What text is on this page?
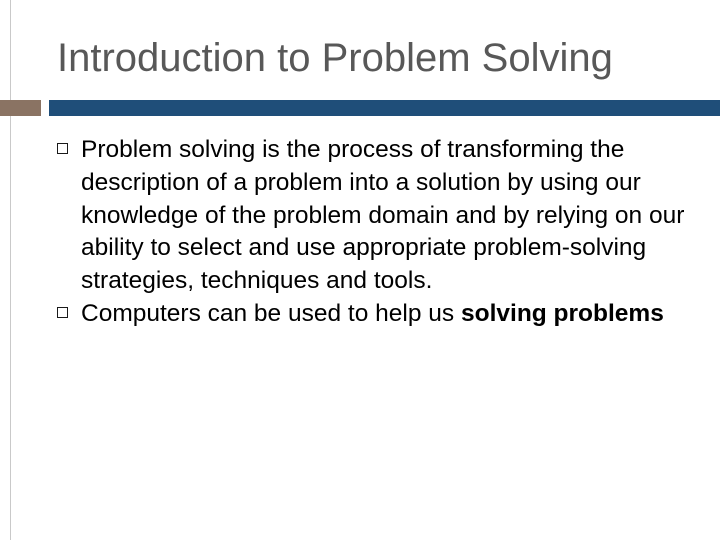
Introduction to Problem Solving
Problem solving is the process of transforming the description of a problem into a solution by using our knowledge of the problem domain and by relying on our ability to select and use appropriate problem-solving strategies, techniques and tools.
Computers can be used to help us solving problems
